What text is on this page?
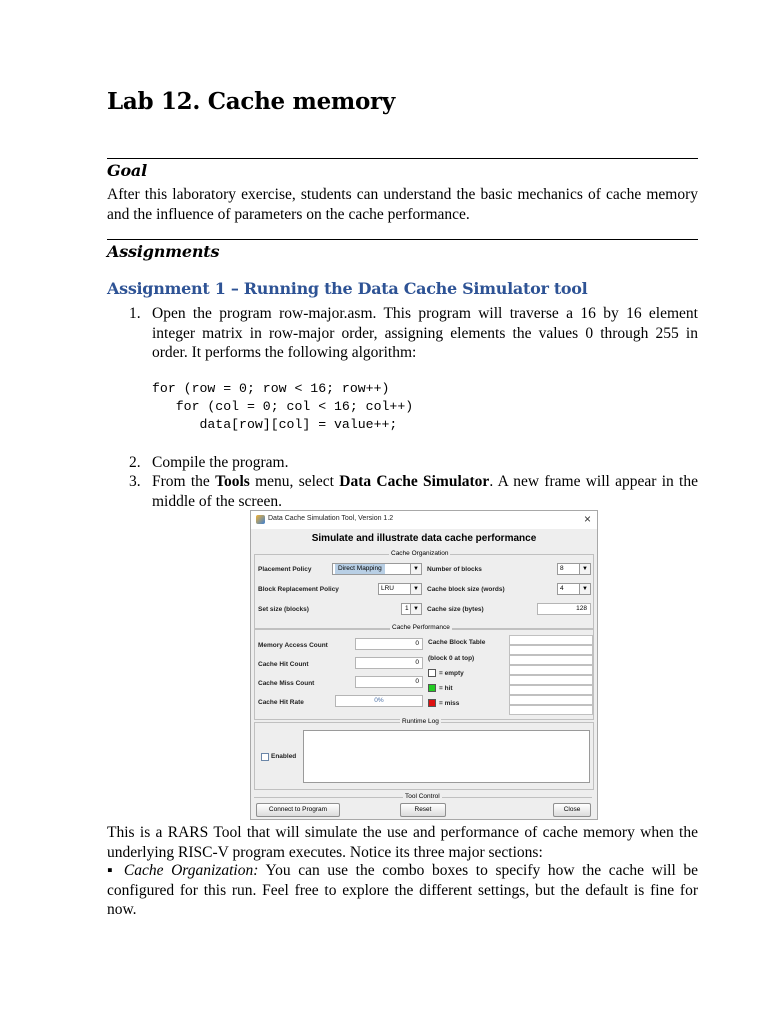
Lab 12. Cache memory
Goal

After this laboratory exercise, students can understand the basic mechanics of cache memory and the influence of parameters on the cache performance.

Assignments
Assignment 1 – Running the Data Cache Simulator tool
1. Open the program row-major.asm. This program will traverse a 16 by 16 element integer matrix in row-major order, assigning elements the values 0 through 255 in order. It performs the following algorithm:
for (row = 0; row < 16; row++)
for (col = 0; col < 16; col++)
data[row][col] = value++;
2. Compile the program.
3. From the Tools menu, select Data Cache Simulator. A new frame will appear in the middle of the screen.
Data Cache Simulation Tool, Version 1.2	×
Simulate and illustrate data cache performance
Cache Organization
Placement Policy	Direct Mapping	▼	Number of blocks	8	▼
Block Replacement Policy	LRU	▼	Cache block size (words)	4	▼
Set size (blocks)	1 ▼	Cache size (bytes)	128
Cache Performance
Memory Access Count	0
Cache Hit Count	0
Cache Miss Count	0
Cache Hit Rate	0%
Cache Block Table
(block 0 at top)
= empty
= hit
= miss
Runtime Log
Enabled
Tool Control
Connect to Program	Reset	Close

This is a RARS Tool that will simulate the use and performance of cache memory when the underlying RISC-V program executes. Notice its three major sections:

▪ Cache Organization: You can use the combo boxes to specify how the cache will be configured for this run. Feel free to explore the different settings, but the default is fine for now.
